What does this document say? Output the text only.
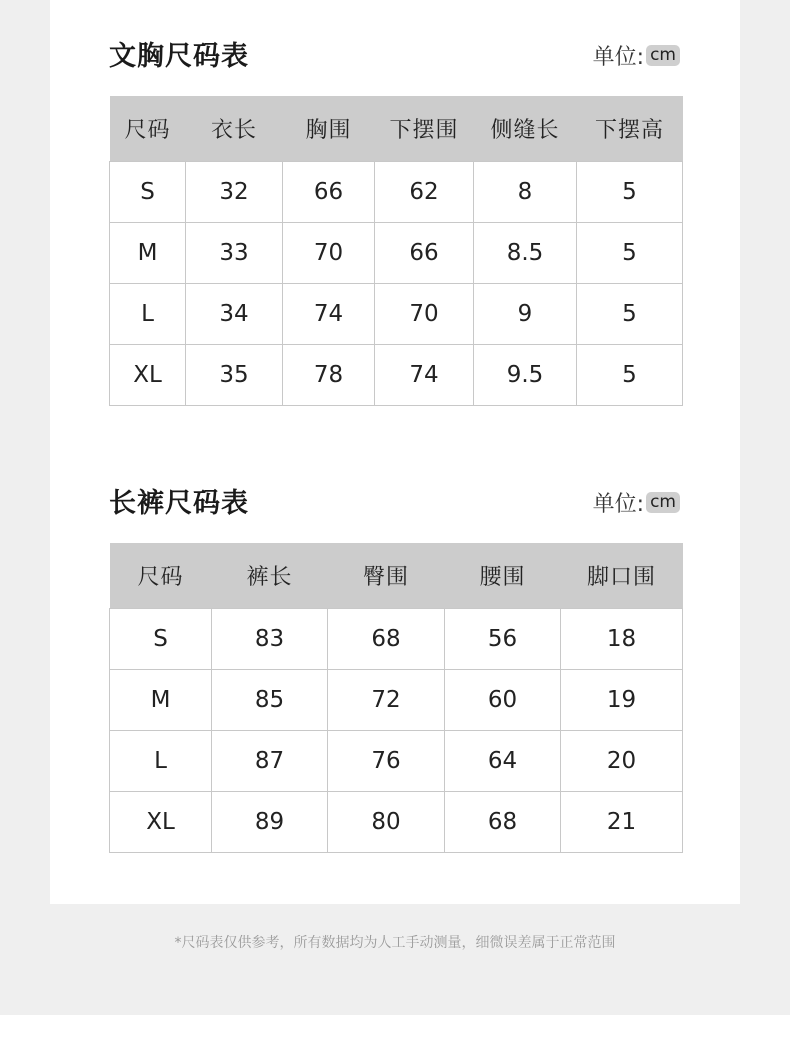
文胸尺码表	单位: cm
尺码	衣长	胸围	下摆围	侧缝长	下摆高
S	32	66	62	8	5
M	33	70	66	8.5	5
L	34	74	70	9	5
XL	35	78	74	9.5	5
长裤尺码表	单位: cm
尺码	裤长	臀围	腰围	脚口围
S	83	68	56	18
M	85	72	60	19
L	87	76	64	20
XL	89	80	68	21
*尺码表仅供参考，所有数据均为人工手动测量，细微误差属于正常范围
